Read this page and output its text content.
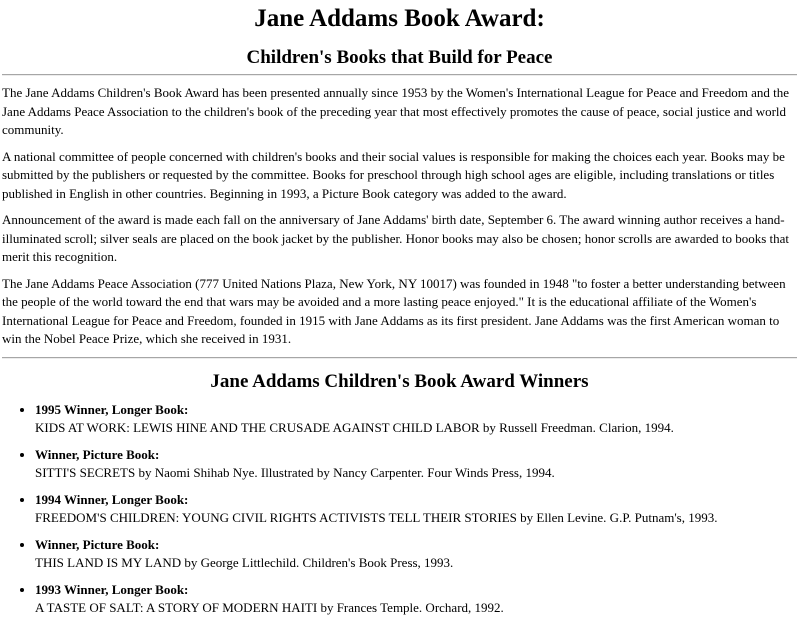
Jane Addams Book Award:
Children's Books that Build for Peace

The Jane Addams Children's Book Award has been presented annually since 1953 by the Women's International League for Peace and Freedom and the Jane Addams Peace Association to the children's book of the preceding year that most effectively promotes the cause of peace, social justice and world community.

A national committee of people concerned with children's books and their social values is responsible for making the choices each year. Books may be submitted by the publishers or requested by the committee. Books for preschool through high school ages are eligible, including translations or titles published in English in other countries. Beginning in 1993, a Picture Book category was added to the award.

Announcement of the award is made each fall on the anniversary of Jane Addams' birth date, September 6. The award winning author receives a hand-illuminated scroll; silver seals are placed on the book jacket by the publisher. Honor books may also be chosen; honor scrolls are awarded to books that merit this recognition.

The Jane Addams Peace Association (777 United Nations Plaza, New York, NY 10017) was founded in 1948 "to foster a better understanding between the people of the world toward the end that wars may be avoided and a more lasting peace enjoyed." It is the educational affiliate of the Women's International League for Peace and Freedom, founded in 1915 with Jane Addams as its first president. Jane Addams was the first American woman to win the Nobel Peace Prize, which she received in 1931.

Jane Addams Children's Book Award Winners
• 1995 Winner, Longer Book:
KIDS AT WORK: LEWIS HINE AND THE CRUSADE AGAINST CHILD LABOR by Russell Freedman. Clarion, 1994.
• Winner, Picture Book:
SITTI'S SECRETS by Naomi Shihab Nye. Illustrated by Nancy Carpenter. Four Winds Press, 1994.
• 1994 Winner, Longer Book:
FREEDOM'S CHILDREN: YOUNG CIVIL RIGHTS ACTIVISTS TELL THEIR STORIES by Ellen Levine. G.P. Putnam's, 1993.
• Winner, Picture Book:
THIS LAND IS MY LAND by George Littlechild. Children's Book Press, 1993.
• 1993 Winner, Longer Book:
A TASTE OF SALT: A STORY OF MODERN HAITI by Frances Temple. Orchard, 1992.
